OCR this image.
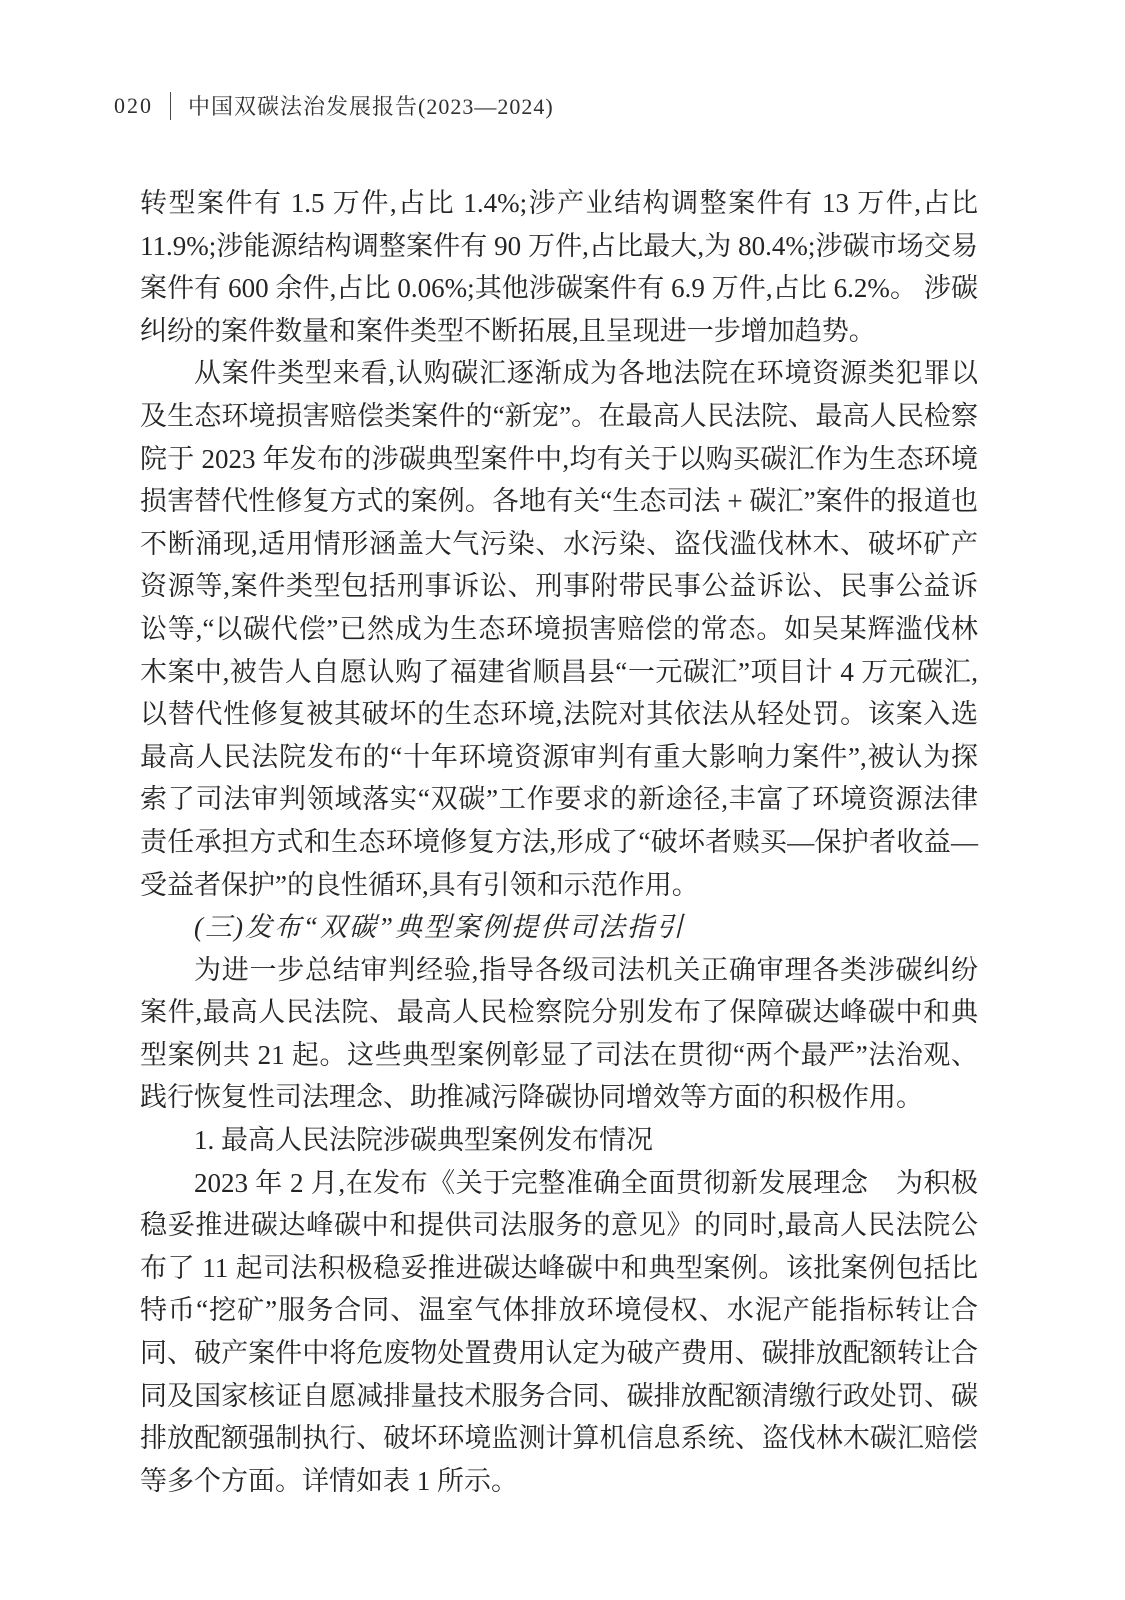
020 中国双碳法治发展报告(2023—2024)

转型案件有 1.5 万件,占比 1.4%;涉产业结构调整案件有 13 万件,占比 11.9%;涉能源结构调整案件有 90 万件,占比最大,为 80.4%;涉碳市场交易案件有 600 余件,占比 0.06%;其他涉碳案件有 6.9 万件,占比 6.2%。 涉碳纠纷的案件数量和案件类型不断拓展,且呈现进一步增加趋势。

从案件类型来看,认购碳汇逐渐成为各地法院在环境资源类犯罪以及生态环境损害赔偿类案件的“新宠”。在最高人民法院、最高人民检察院于 2023 年发布的涉碳典型案件中,均有关于以购买碳汇作为生态环境损害替代性修复方式的案例。各地有关“生态司法 + 碳汇”案件的报道也不断涌现,适用情形涵盖大气污染、水污染、盗伐滥伐林木、破坏矿产资源等,案件类型包括刑事诉讼、刑事附带民事公益诉讼、民事公益诉讼等,“以碳代偿”已然成为生态环境损害赔偿的常态。如吴某辉滥伐林木案中,被告人自愿认购了福建省顺昌县“一元碳汇”项目计 4 万元碳汇,以替代性修复被其破坏的生态环境,法院对其依法从轻处罚。该案入选最高人民法院发布的“十年环境资源审判有重大影响力案件”,被认为探索了司法审判领域落实“双碳”工作要求的新途径,丰富了环境资源法律责任承担方式和生态环境修复方法,形成了“破坏者赎买—保护者收益—受益者保护”的良性循环,具有引领和示范作用。

(三)发布“双碳”典型案例提供司法指引

为进一步总结审判经验,指导各级司法机关正确审理各类涉碳纠纷案件,最高人民法院、最高人民检察院分别发布了保障碳达峰碳中和典型案例共 21 起。这些典型案例彰显了司法在贯彻“两个最严”法治观、践行恢复性司法理念、助推减污降碳协同增效等方面的积极作用。

1. 最高人民法院涉碳典型案例发布情况

2023 年 2 月,在发布《关于完整准确全面贯彻新发展理念　为积极稳妥推进碳达峰碳中和提供司法服务的意见》的同时,最高人民法院公布了 11 起司法积极稳妥推进碳达峰碳中和典型案例。该批案例包括比特币“挖矿”服务合同、温室气体排放环境侵权、水泥产能指标转让合同、破产案件中将危废物处置费用认定为破产费用、碳排放配额转让合同及国家核证自愿减排量技术服务合同、碳排放配额清缴行政处罚、碳排放配额强制执行、破坏环境监测计算机信息系统、盗伐林木碳汇赔偿等多个方面。详情如表 1 所示。
